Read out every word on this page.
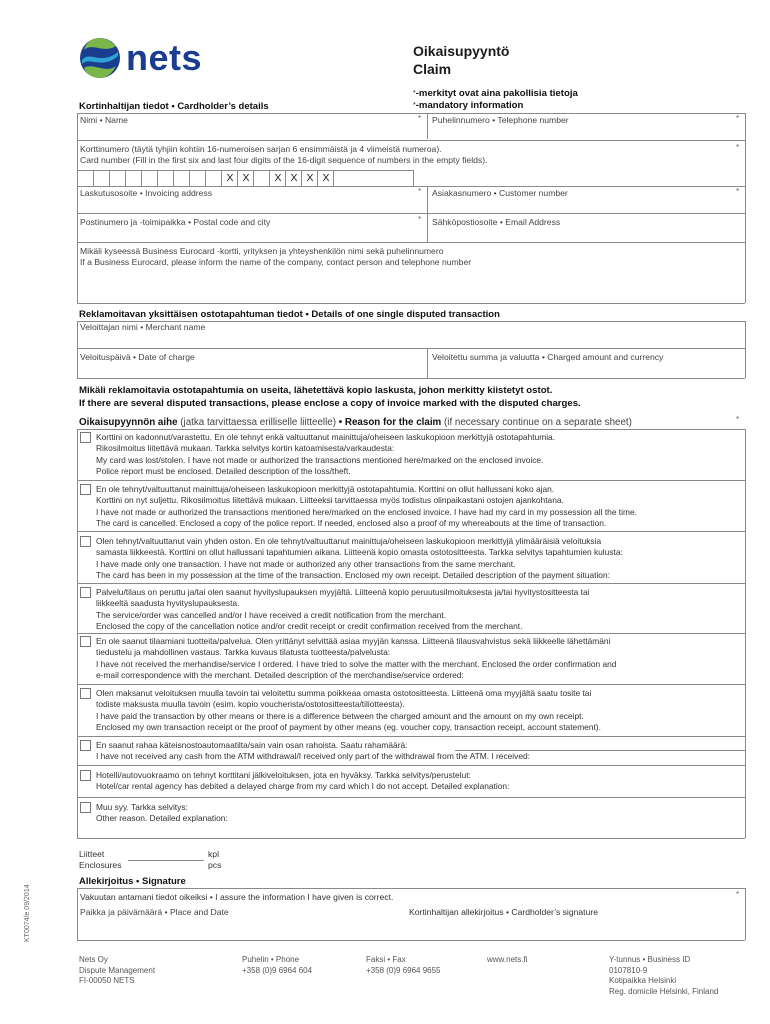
nets	Oikaisupyyntö
Claim
*-merkityt ovat aina pakollisia tietoja
*-mandatory information
Kortinhaltijan tiedot • Cardholder’s details
Nimi • Name	* Puhelinnumero • Telephone number	*
Korttinumero (täytä tyhjiin kohtiin 16-numeroisen sarjan 6 ensimmäistä ja 4 viimeistä numeroa).
Card number (Fill in the first six and last four digits of the 16-digit sequence of numbers in the empty fields).
*
X X	X X X X
Laskutusosoite • Invoicing address	* Asiakasnumero • Customer number	*
Postinumero ja -toimipaikka • Postal code and city	* Sähköpostiosoite • Email Address
Mikäli kyseessä Business Eurocard -kortti, yrityksen ja yhteyshenkilön nimi sekä puhelinnumero
If a Business Eurocard, please inform the name of the company, contact person and telephone number
Reklamoitavan yksittäisen ostotapahtuman tiedot • Details of one single disputed transaction
Veloittajan nimi • Merchant name
Veloituspäivä • Date of charge	Veloitettu summa ja valuutta • Charged amount and currency
Mikäli reklamoitavia ostotapahtumia on useita, lähetettävä kopio laskusta, johon merkitty kiistetyt ostot.
If there are several disputed transactions, please enclose a copy of invoice marked with the disputed charges.
Oikaisupyynnön aihe (jatka tarvittaessa erilliselle liitteelle) • Reason for the claim (if necessary continue on a separate sheet)	*
Korttini on kadonnut/varastettu. En ole tehnyt enkä valtuuttanut mainittuja/oheiseen laskukopioon merkittyjä ostotapahtumia.
Rikosilmoitus liitettävä mukaan. Tarkka selvitys kortin katoamisesta/varkaudesta:
My card was lost/stolen. I have not made or authorized the transactions mentioned here/marked on the enclosed invoice.
Police report must be enclosed. Detailed description of the loss/theft.
En ole tehnyt/valtuuttanut mainittuja/oheiseen laskukopioon merkittyjä ostotapahtumia. Korttini on ollut hallussani koko ajan.
Korttini on nyt suljettu. Rikosilmoitus liitettävä mukaan. Liitteeksi tarvittaessa myös todistus olinpaikastani ostojen ajankohtana.
I have not made or authorized the transactions mentioned here/marked on the enclosed invoice. I have had my card in my possession all the time.
The card is cancelled. Enclosed a copy of the police report. If needed, enclosed also a proof of my whereabouts at the time of transaction.
Olen tehnyt/valtuuttanut vain yhden oston. En ole tehnyt/valtuuttanut mainittuja/oheiseen laskukopioon merkittyjä ylimääräisiä veloituksia
samasta liikkeestä. Korttini on ollut hallussani tapahtumien aikana. Liitteenä kopio omasta ostotositteesta. Tarkka selvitys tapahtumien kulusta:
I have made only one transaction. I have not made or authorized any other transactions from the same merchant.
The card has been in my possession at the time of the transaction. Enclosed my own receipt. Detailed description of the payment situation:
Palvelu/tilaus on peruttu ja/tai olen saanut hyvityslupauksen myyjältä. Liitteenä kopio peruutusilmoituksesta ja/tai hyvitystositteesta tai
liikkeeltä saadusta hyvityslupauksesta.
The service/order was cancelled and/or I have received a credit notification from the merchant.
Enclosed the copy of the cancellation notice and/or credit receipt or credit confirmation received from the merchant.
En ole saanut tilaamiani tuotteita/palvelua. Olen yrittänyt selvittää asiaa myyjän kanssa. Liitteenä tilausvahvistus sekä liikkeelle lähettämäni
tiedustelu ja mahdollinen vastaus. Tarkka kuvaus tilatusta tuotteesta/palvelusta:
I have not received the merhandise/service I ordered. I have tried to solve the matter with the merchant. Enclosed the order confirmation and
e-mail correspondence with the merchant. Detailed description of the merchandise/service ordered:
Olen maksanut veloituksen muulla tavoin tai veloitettu summa poikkeaa omasta ostotositteesta. Liitteenä oma myyjältä saatu tosite tai
todiste maksusta muulla tavoin (esim. kopio voucherista/ostotositteesta/tiliotteesta).
I have paid the transaction by other means or there is a difference between the charged amount and the amount on my own receipt.
Enclosed my own transaction receipt or the proof of payment by other means (eg. voucher copy, transaction receipt, account statement).
En saanut rahaa käteisnostoautomaatilta/sain vain osan rahoista. Saatu rahamäärä:
I have not received any cash from the ATM withdrawal/I received only part of the withdrawal from the ATM. I received:
Hotelli/autovuokraamo on tehnyt korttitani jälkiveloituksen, jota en hyväksy. Tarkka selvitys/perustelut:
Hotel/car rental agency has debited a delayed charge from my card which I do not accept. Detailed explanation:
Muu syy. Tarkka selvitys:
Other reason. Detailed explanation:
Liitteet
Enclosures
kpl
pcs
Allekirjoitus • Signature
Vakuutan antamani tiedot oikeiksi • I assure the information I have given is correct.	*
Paikka ja päivämäärä • Place and Date	Kortinhaltijan allekirjoitus • Cardholder’s signature
KT0074/e 09/2014
Nets Oy
Dispute Management
FI-00050 NETS
Puhelin • Phone
+358 (0)9 6964 604
Faksi • Fax
+358 (0)9 6964 9655
www.nets.fi	Y-tunnus • Business ID
0107810-9
Kotipaikka Helsinki
Reg. domicile Helsinki, Finland
